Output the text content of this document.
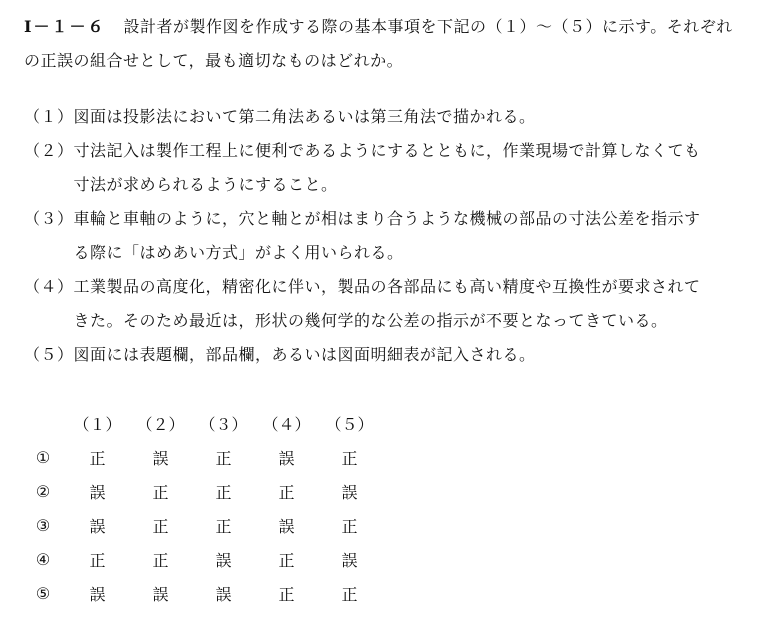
Ⅰ－１－６ 設計者が製作図を作成する際の基本事項を下記の（１）～（５）に示す。それぞれ
の正誤の組合せとして，最も適切なものはどれか。
（１） 図面は投影法において第二角法あるいは第三角法で描かれる。
（２） 寸法記入は製作工程上に便利であるようにするとともに，作業現場で計算しなくても
寸法が求められるようにすること。
（３） 車輪と車軸のように，穴と軸とが相はまり合うような機械の部品の寸法公差を指示す
る際に「はめあい方式」がよく用いられる。
（４） 工業製品の高度化，精密化に伴い，製品の各部品にも高い精度や互換性が要求されて
きた。そのため最近は，形状の幾何学的な公差の指示が不要となってきている。
（５） 図面には表題欄，部品欄，あるいは図面明細表が記入される。
	（１）	（２）	（３）	（４）	（５）
①	正	誤	正	誤	正
②	誤	正	正	正	誤
③	誤	正	正	誤	正
④	正	正	誤	正	誤
⑤	誤	誤	誤	正	正
